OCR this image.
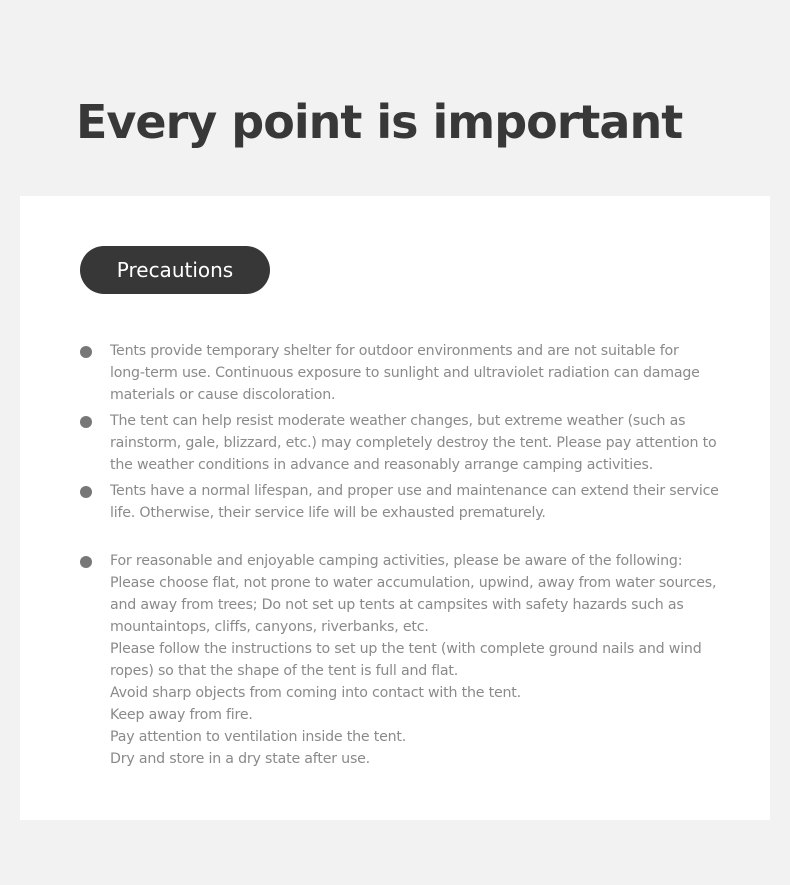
Every point is important
Precautions
Tents provide temporary shelter for outdoor environments and are not suitable for
long-term use. Continuous exposure to sunlight and ultraviolet radiation can damage
materials or cause discoloration.
The tent can help resist moderate weather changes, but extreme weather (such as
rainstorm, gale, blizzard, etc.) may completely destroy the tent. Please pay attention to
the weather conditions in advance and reasonably arrange camping activities.
Tents have a normal lifespan, and proper use and maintenance can extend their service
life. Otherwise, their service life will be exhausted prematurely.
For reasonable and enjoyable camping activities, please be aware of the following:
Please choose flat, not prone to water accumulation, upwind, away from water sources,
and away from trees; Do not set up tents at campsites with safety hazards such as
mountaintops, cliffs, canyons, riverbanks, etc.
Please follow the instructions to set up the tent (with complete ground nails and wind
ropes) so that the shape of the tent is full and flat.
Avoid sharp objects from coming into contact with the tent.
Keep away from fire.
Pay attention to ventilation inside the tent.
Dry and store in a dry state after use.
